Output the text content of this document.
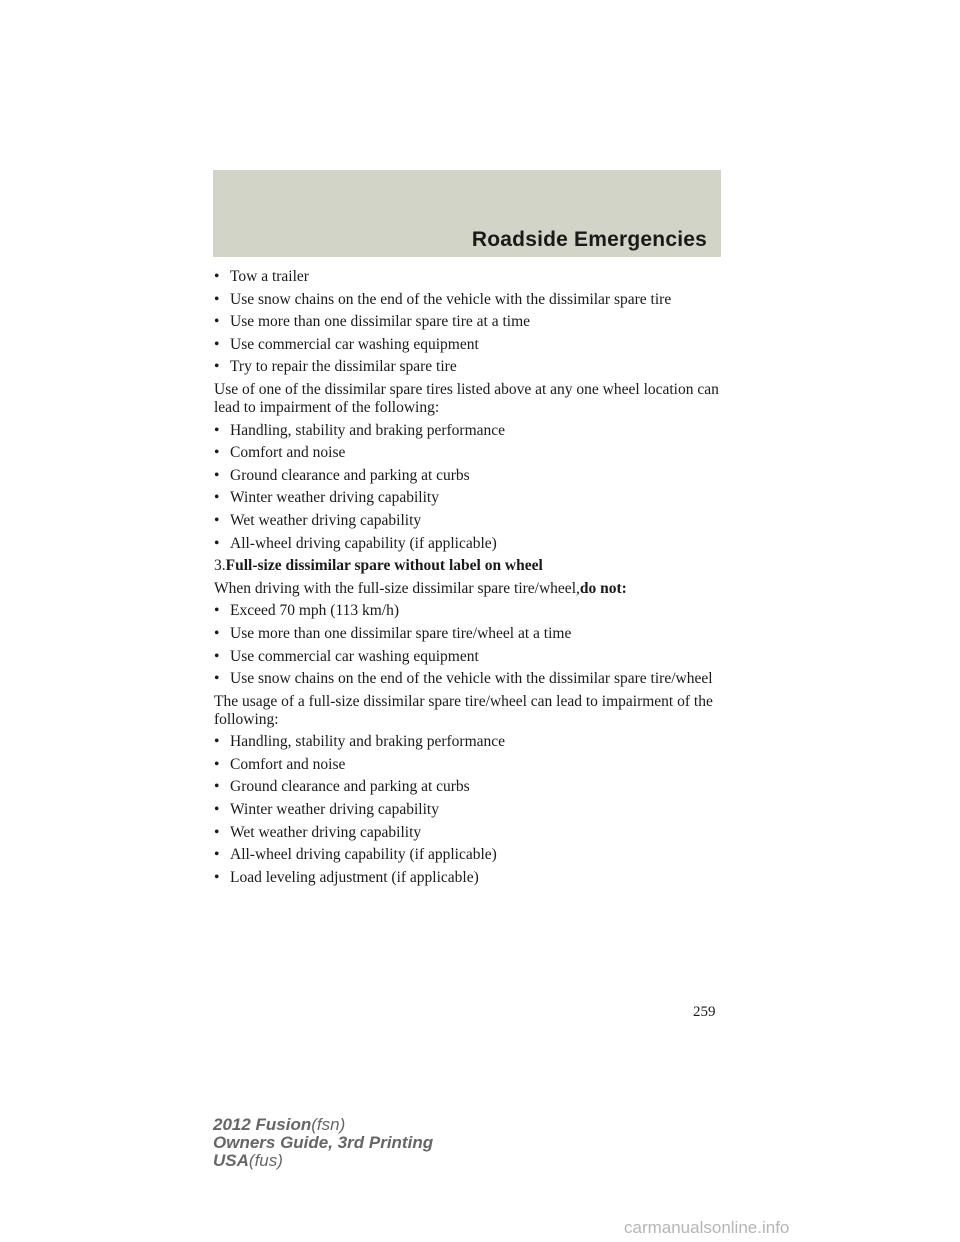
Roadside Emergencies
• Tow a trailer
• Use snow chains on the end of the vehicle with the dissimilar spare tire
• Use more than one dissimilar spare tire at a time
• Use commercial car washing equipment
• Try to repair the dissimilar spare tire
Use of one of the dissimilar spare tires listed above at any one wheel location can lead to impairment of the following:
• Handling, stability and braking performance
• Comfort and noise
• Ground clearance and parking at curbs
• Winter weather driving capability
• Wet weather driving capability
• All-wheel driving capability (if applicable)
3.Full-size dissimilar spare without label on wheel
When driving with the full-size dissimilar spare tire/wheel,do not:
• Exceed 70 mph (113 km/h)
• Use more than one dissimilar spare tire/wheel at a time
• Use commercial car washing equipment
• Use snow chains on the end of the vehicle with the dissimilar spare tire/wheel
The usage of a full-size dissimilar spare tire/wheel can lead to impairment of the following:
• Handling, stability and braking performance
• Comfort and noise
• Ground clearance and parking at curbs
• Winter weather driving capability
• Wet weather driving capability
• All-wheel driving capability (if applicable)
• Load leveling adjustment (if applicable)
259
2012 Fusion(fsn)
Owners Guide, 3rd Printing
USA(fus)
carmanualsonline.info
